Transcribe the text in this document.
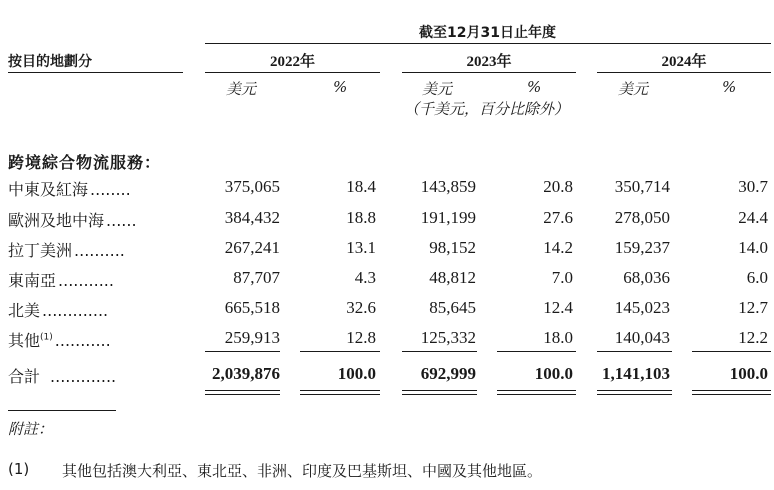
截至12月31日止年度
按目的地劃分	2022年	2023年	2024年
美元	%	美元	%	美元	%
（千美元，百分比除外）
跨境綜合物流服務：
中東及紅海 ........	375,065	18.4	143,859	20.8	350,714	30.7
歐洲及地中海 ......	384,432	18.8	191,199	27.6	278,050	24.4
拉丁美洲 ..........	267,241	13.1	98,152	14.2	159,237	14.0
東南亞 ...........	87,707	4.3	48,812	7.0	68,036	6.0
北美 .............	665,518	32.6	85,645	12.4	145,023	12.7
其他$^{(1)}$ ...........	259,913	12.8	125,332	18.0	140,043	12.2
合計 .............	2,039,876	100.0	692,999	100.0	1,141,103	100.0
附註：
(1) 其他包括澳大利亞、東北亞、非洲、印度及巴基斯坦、中國及其他地區。
